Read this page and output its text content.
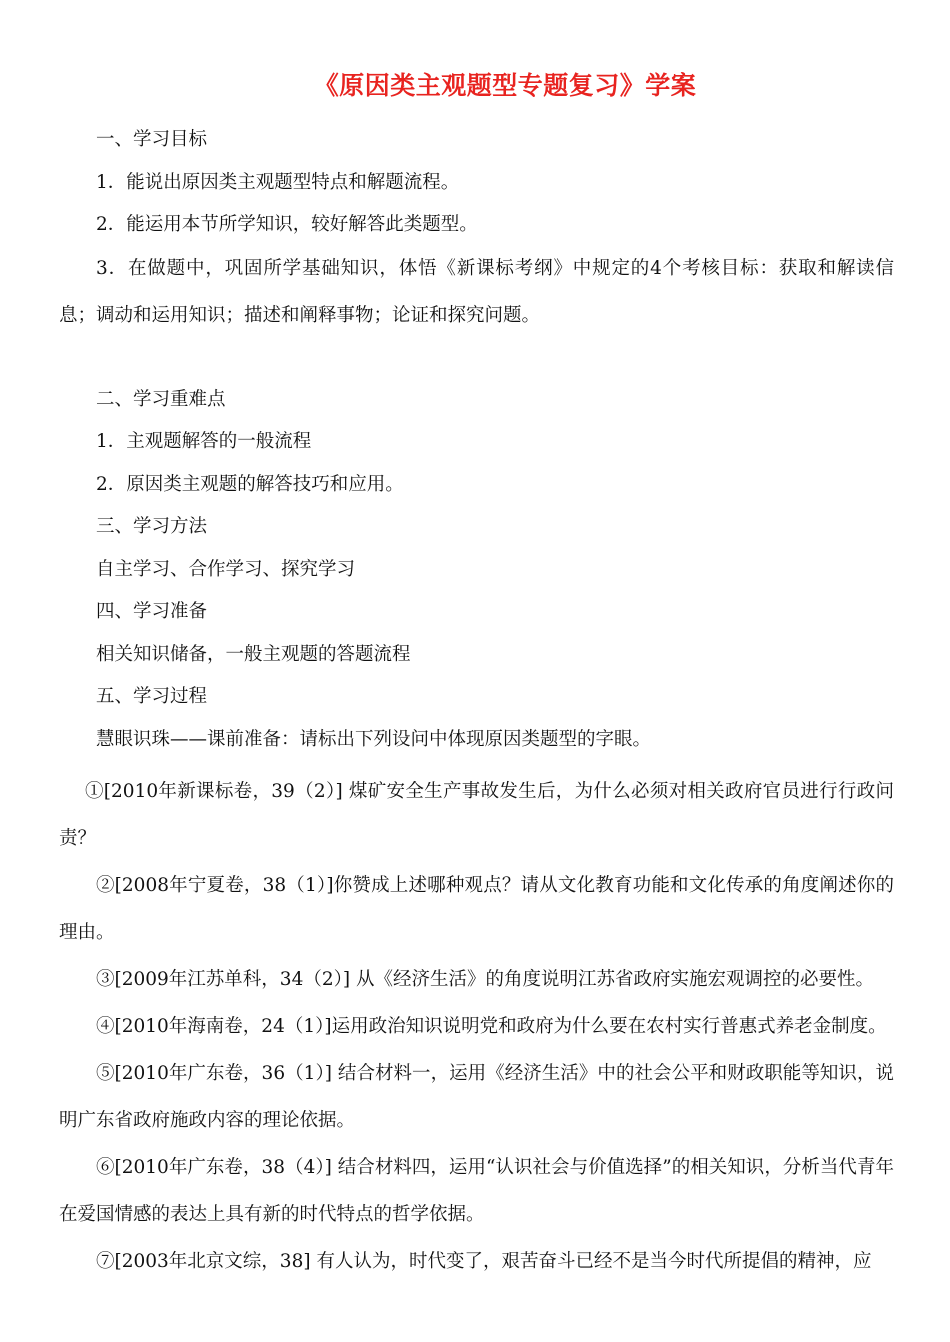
《原因类主观题型专题复习》学案

一、学习目标

1．能说出原因类主观题型特点和解题流程。

2．能运用本节所学知识，较好解答此类题型。

3．在做题中，巩固所学基础知识，体悟《新课标考纲》中规定的4个考核目标：获取和解读信息；调动和运用知识；描述和阐释事物；论证和探究问题。

二、学习重难点

1．主观题解答的一般流程

2．原因类主观题的解答技巧和应用。

三、学习方法

自主学习、合作学习、探究学习

四、学习准备

相关知识储备，一般主观题的答题流程

五、学习过程

慧眼识珠——课前准备：请标出下列设问中体现原因类题型的字眼。

①[2010年新课标卷，39（2）] 煤矿安全生产事故发生后，为什么必须对相关政府官员进行行政问责？

②[2008年宁夏卷，38（1）]你赞成上述哪种观点？请从文化教育功能和文化传承的角度阐述你的理由。

③[2009年江苏单科，34（2）] 从《经济生活》的角度说明江苏省政府实施宏观调控的必要性。

④[2010年海南卷，24（1）]运用政治知识说明党和政府为什么要在农村实行普惠式养老金制度。

⑤[2010年广东卷，36（1）] 结合材料一，运用《经济生活》中的社会公平和财政职能等知识，说明广东省政府施政内容的理论依据。

⑥[2010年广东卷，38（4）] 结合材料四，运用“认识社会与价值选择”的相关知识，分析当代青年在爱国情感的表达上具有新的时代特点的哲学依据。

⑦[2003年北京文综，38] 有人认为，时代变了，艰苦奋斗已经不是当今时代所提倡的精神，应
